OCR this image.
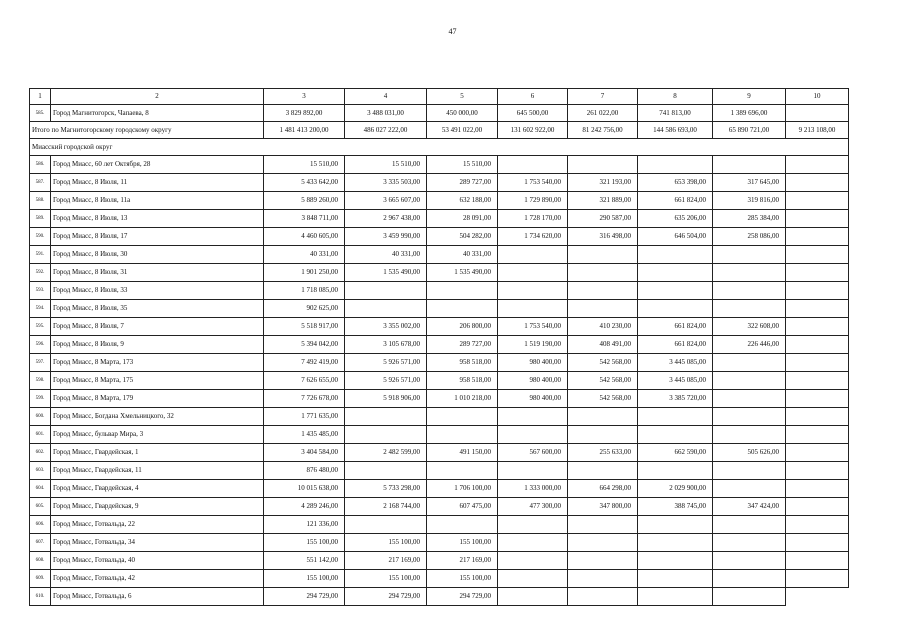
47
1	2	3	4	5	6	7	8	9	10
585.	Город Магнитогорск, Чапаева, 8	3 829 892,00	3 488 031,00	450 000,00	645 500,00	261 022,00	741 813,00	1 389 696,00	
Итого по Магнитогорскому городскому округу		1 481 413 200,00	486 027 222,00	53 491 022,00	131 602 922,00	81 242 756,00	144 586 693,00	65 890 721,00	9 213 108,00
Миасский городской округ									
586.	Город Миасс, 60 лет Октября, 28	15 510,00	15 510,00	15 510,00					
587.	Город Миасс, 8 Июля, 11	5 433 642,00	3 335 503,00	289 727,00	1 753 540,00	321 193,00	653 398,00	317 645,00	
588.	Город Миасс, 8 Июля, 11а	5 889 260,00	3 665 607,00	632 188,00	1 729 890,00	321 889,00	661 824,00	319 816,00	
589.	Город Миасс, 8 Июля, 13	3 848 711,00	2 967 438,00	28 091,00	1 728 170,00	290 587,00	635 206,00	285 384,00	
590.	Город Миасс, 8 Июля, 17	4 460 605,00	3 459 990,00	504 282,00	1 734 620,00	316 498,00	646 504,00	258 086,00	
591.	Город Миасс, 8 Июля, 30	40 331,00	40 331,00	40 331,00					
592.	Город Миасс, 8 Июля, 31	1 901 250,00	1 535 490,00	1 535 490,00					
593.	Город Миасс, 8 Июля, 33	1 718 085,00							
594.	Город Миасс, 8 Июля, 35	902 625,00							
595.	Город Миасс, 8 Июля, 7	5 518 917,00	3 355 002,00	206 800,00	1 753 540,00	410 230,00	661 824,00	322 608,00	
596.	Город Миасс, 8 Июля, 9	5 394 042,00	3 105 678,00	289 727,00	1 519 190,00	408 491,00	661 824,00	226 446,00	
597.	Город Миасс, 8 Марта, 173	7 492 419,00	5 926 571,00	958 518,00	980 400,00	542 568,00	3 445 085,00		
598.	Город Миасс, 8 Марта, 175	7 626 655,00	5 926 571,00	958 518,00	980 400,00	542 568,00	3 445 085,00		
599.	Город Миасс, 8 Марта, 179	7 726 678,00	5 918 906,00	1 010 218,00	980 400,00	542 568,00	3 385 720,00		
600.	Город Миасс, Богдана Хмельницкого, 32	1 771 635,00							
601.	Город Миасс, бульвар Мира, 3	1 435 485,00							
602.	Город Миасс, Гвардейская, 1	3 404 584,00	2 482 599,00	491 150,00	567 600,00	255 633,00	662 590,00	505 626,00	
603.	Город Миасс, Гвардейская, 11	876 480,00							
604.	Город Миасс, Гвардейская, 4	10 015 638,00	5 733 298,00	1 706 100,00	1 333 000,00	664 298,00	2 029 900,00		
605.	Город Миасс, Гвардейская, 9	4 289 246,00	2 168 744,00	607 475,00	477 300,00	347 800,00	388 745,00	347 424,00	
606.	Город Миасс, Готвальда, 22	121 336,00							
607.	Город Миасс, Готвальда, 34	155 100,00	155 100,00	155 100,00					
608.	Город Миасс, Готвальда, 40	551 142,00	217 169,00	217 169,00					
609.	Город Миасс, Готвальда, 42	155 100,00	155 100,00	155 100,00					
610.	Город Миасс, Готвальда, 6	294 729,00	294 729,00	294 729,00					
